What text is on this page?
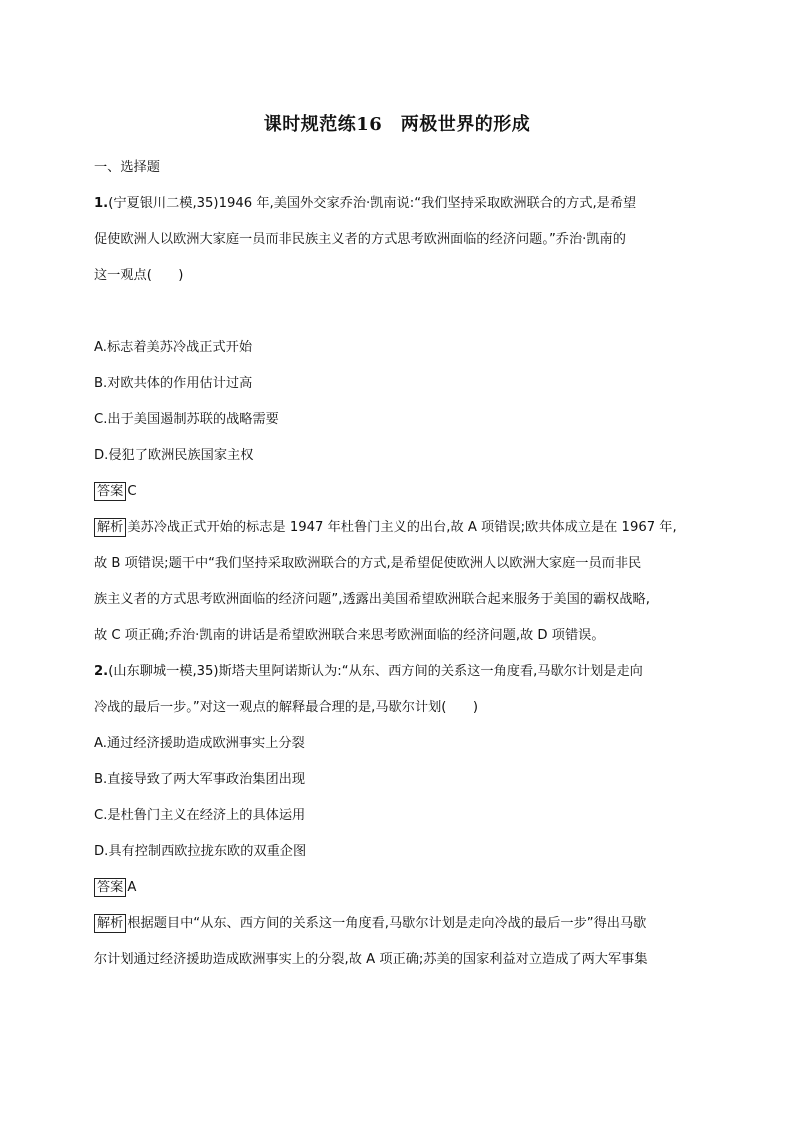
课时规范练16　两极世界的形成
一、选择题
1.(宁夏银川二模,35)1946 年,美国外交家乔治·凯南说:“我们坚持采取欧洲联合的方式,是希望
促使欧洲人以欧洲大家庭一员而非民族主义者的方式思考欧洲面临的经济问题。”乔治·凯南的
这一观点(　　)
A.标志着美苏冷战正式开始
B.对欧共体的作用估计过高
C.出于美国遏制苏联的战略需要
D.侵犯了欧洲民族国家主权
答案 C
解析 美苏冷战正式开始的标志是 1947 年杜鲁门主义的出台,故 A 项错误;欧共体成立是在 1967 年,
故 B 项错误;题干中“我们坚持采取欧洲联合的方式,是希望促使欧洲人以欧洲大家庭一员而非民
族主义者的方式思考欧洲面临的经济问题”,透露出美国希望欧洲联合起来服务于美国的霸权战略,
故 C 项正确;乔治·凯南的讲话是希望欧洲联合来思考欧洲面临的经济问题,故 D 项错误。
2.(山东聊城一模,35)斯塔夫里阿诺斯认为:“从东、西方间的关系这一角度看,马歇尔计划是走向
冷战的最后一步。”对这一观点的解释最合理的是,马歇尔计划(　　)
A.通过经济援助造成欧洲事实上分裂
B.直接导致了两大军事政治集团出现
C.是杜鲁门主义在经济上的具体运用
D.具有控制西欧拉拢东欧的双重企图
答案 A
解析 根据题目中“从东、西方间的关系这一角度看,马歇尔计划是走向冷战的最后一步”得出马歇
尔计划通过经济援助造成欧洲事实上的分裂,故 A 项正确;苏美的国家利益对立造成了两大军事集
